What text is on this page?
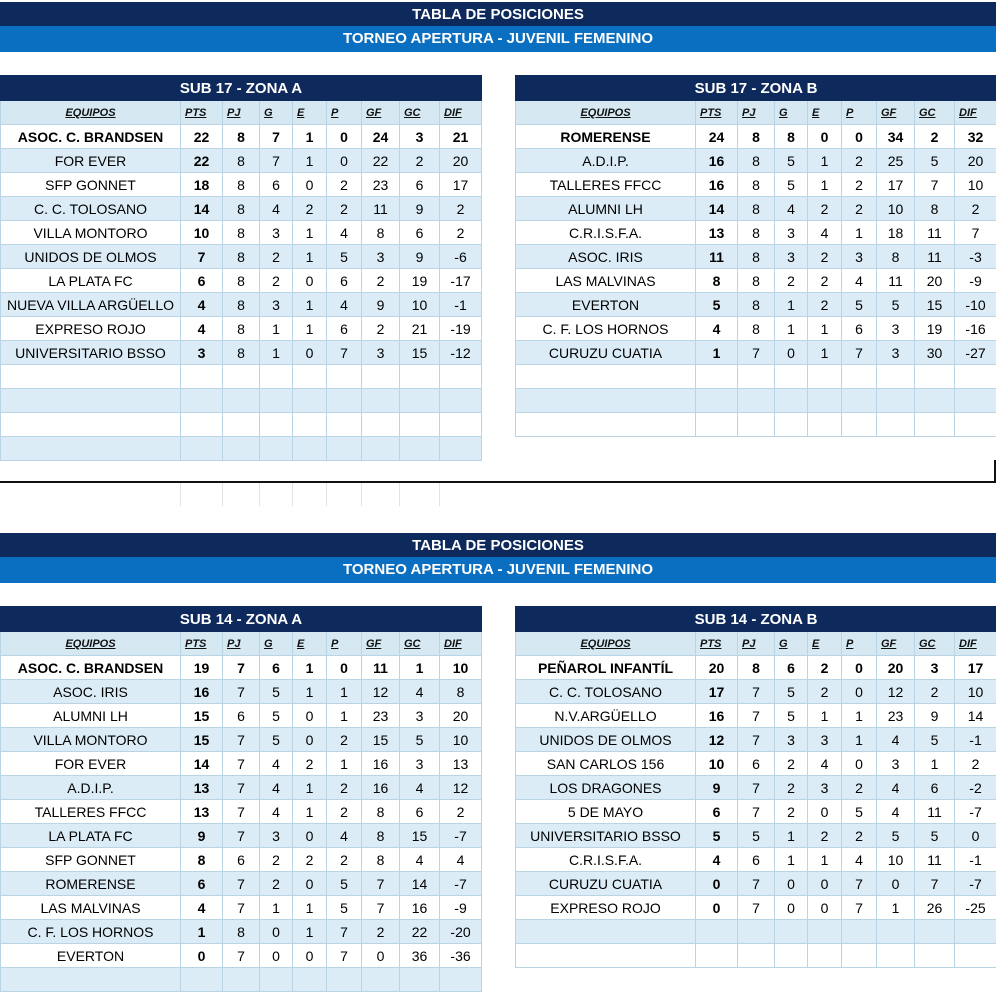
TABLA DE POSICIONES
TORNEO APERTURA - JUVENIL FEMENINO
SUB 17 - ZONA A								
EQUIPOS	PTS	PJ	G	E	P	GF	GC	DIF
ASOC. C. BRANDSEN	22	8	7	1	0	24	3	21
FOR EVER	22	8	7	1	0	22	2	20
SFP GONNET	18	8	6	0	2	23	6	17
C. C. TOLOSANO	14	8	4	2	2	11	9	2
VILLA MONTORO	10	8	3	1	4	8	6	2
UNIDOS DE OLMOS	7	8	2	1	5	3	9	-6
LA PLATA FC	6	8	2	0	6	2	19	-17
NUEVA VILLA ARGÜELLO	4	8	3	1	4	9	10	-1
EXPRESO ROJO	4	8	1	1	6	2	21	-19
UNIVERSITARIO BSSO	3	8	1	0	7	3	15	-12

SUB 17 - ZONA B								
EQUIPOS	PTS	PJ	G	E	P	GF	GC	DIF
ROMERENSE	24	8	8	0	0	34	2	32
A.D.I.P.	16	8	5	1	2	25	5	20
TALLERES FFCC	16	8	5	1	2	17	7	10
ALUMNI LH	14	8	4	2	2	10	8	2
C.R.I.S.F.A.	13	8	3	4	1	18	11	7
ASOC. IRIS	11	8	3	2	3	8	11	-3
LAS MALVINAS	8	8	2	2	4	11	20	-9
EVERTON	5	8	1	2	5	5	15	-10
C. F. LOS HORNOS	4	8	1	1	6	3	19	-16
CURUZU CUATIA	1	7	0	1	7	3	30	-27

TABLA DE POSICIONES
TORNEO APERTURA - JUVENIL FEMENINO
SUB 14 - ZONA A								
EQUIPOS	PTS	PJ	G	E	P	GF	GC	DIF
ASOC. C. BRANDSEN	19	7	6	1	0	11	1	10
ASOC. IRIS	16	7	5	1	1	12	4	8
ALUMNI LH	15	6	5	0	1	23	3	20
VILLA MONTORO	15	7	5	0	2	15	5	10
FOR EVER	14	7	4	2	1	16	3	13
A.D.I.P.	13	7	4	1	2	16	4	12
TALLERES FFCC	13	7	4	1	2	8	6	2
LA PLATA FC	9	7	3	0	4	8	15	-7
SFP GONNET	8	6	2	2	2	8	4	4
ROMERENSE	6	7	2	0	5	7	14	-7
LAS MALVINAS	4	7	1	1	5	7	16	-9
C. F. LOS HORNOS	1	8	0	1	7	2	22	-20
EVERTON	0	7	0	0	7	0	36	-36

SUB 14 - ZONA B								
EQUIPOS	PTS	PJ	G	E	P	GF	GC	DIF
PEÑAROL INFANTÍL	20	8	6	2	0	20	3	17
C. C. TOLOSANO	17	7	5	2	0	12	2	10
N.V.ARGÜELLO	16	7	5	1	1	23	9	14
UNIDOS DE OLMOS	12	7	3	3	1	4	5	-1
SAN CARLOS 156	10	6	2	4	0	3	1	2
LOS DRAGONES	9	7	2	3	2	4	6	-2
5 DE MAYO	6	7	2	0	5	4	11	-7
UNIVERSITARIO BSSO	5	5	1	2	2	5	5	0
C.R.I.S.F.A.	4	6	1	1	4	10	11	-1
CURUZU CUATIA	0	7	0	0	7	0	7	-7
EXPRESO ROJO	0	7	0	0	7	1	26	-25
